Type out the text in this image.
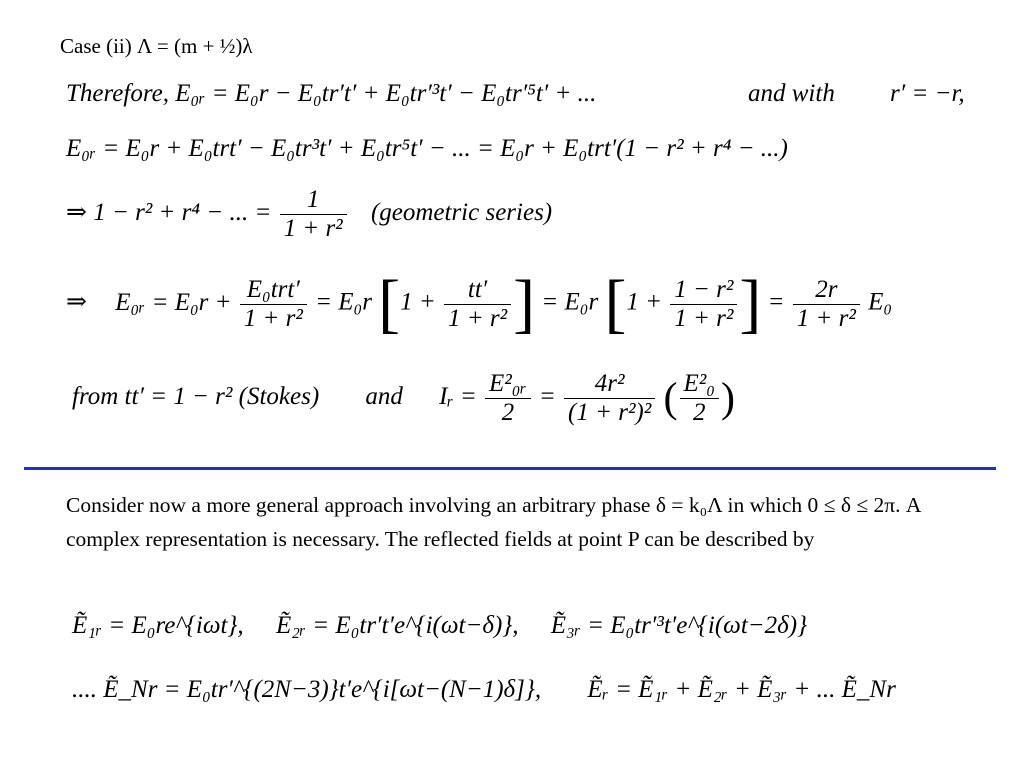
Case (ii) Λ = (m + ½)λ
Therefore, E₀ᵣ = E₀r − E₀tr′t′ + E₀tr′³t′ − E₀tr′⁵t′ + ...	and with r′ = −r,
E₀ᵣ = E₀r + E₀trt′ − E₀tr³t′ + E₀tr⁵t′ − ... = E₀r + E₀trt′(1 − r² + r⁴ − ...)
⇒ 1 − r² + r⁴ − ... = $\frac{1}{\text{1 + r²}}$ (geometric series)
⇒ E₀ᵣ = $E_0r + \frac{\text{E₀trt′}}{\text{1 + r²}} = E_0r$ [$1 + \frac{tt'}{\text{1 + r²}}$ ] = E₀r [$1 + \frac{\text{1 − r²}}{\text{1 + r²}}$ ] = $\frac{2r}{\text{1 + r²}} E_0$
from tt′ = 1 − r² (Stokes) and Iᵣ = $\frac{\text{E²₀ᵣ}}{2} = \frac{\text{4r²}}{\text{(1 + r²)²}}$ ( $\frac{\text{E²₀}}{2}$ )
Consider now a more general approach involving an arbitrary phase δ = k₀Λ in which 0 ≤ δ ≤ 2π. A complex representation is necessary. The reflected fields at point P can be described by
Ẽ₁ᵣ = E₀re^{iωt}, Ẽ₂ᵣ = E₀tr′t′e^{i(ωt−δ)}, Ẽ₃ᵣ = E₀tr′³t′e^{i(ωt−2δ)}
.... Ẽ_Nr = E₀tr′^{(2N−3)}t′e^{i[ωt−(N−1)δ]}, Ẽᵣ = Ẽ₁ᵣ + Ẽ₂ᵣ + Ẽ₃ᵣ + ... Ẽ_Nr
